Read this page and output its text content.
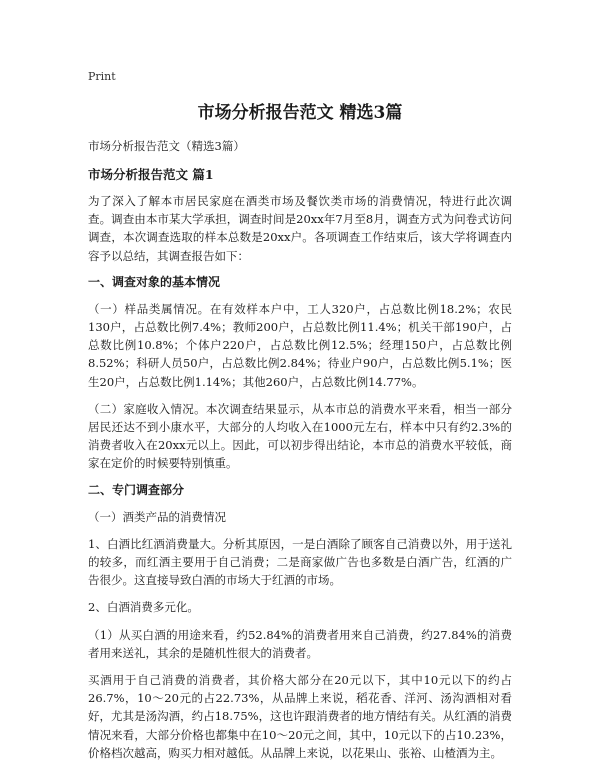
Print
市场分析报告范文 精选3篇
市场分析报告范文（精选3篇）
市场分析报告范文 篇1

为了深入了解本市居民家庭在酒类市场及餐饮类市场的消费情况，特进行此次调查。调查由本市某大学承担，调查时间是20xx年7月至8月，调查方式为问卷式访问调查，本次调查选取的样本总数是20xx户。各项调查工作结束后，该大学将调查内容予以总结，其调查报告如下：

一、调查对象的基本情况

（一）样品类属情况。在有效样本户中，工人320户，占总数比例18.2%；农民130户，占总数比例7.4%；教师200户，占总数比例11.4%；机关干部190户，占总数比例10.8%；个体户220户，占总数比例12.5%；经理150户，占总数比例8.52%；科研人员50户，占总数比例2.84%；待业户90户，占总数比例5.1%；医生20户，占总数比例1.14%；其他260户，占总数比例14.77%。

（二）家庭收入情况。本次调查结果显示，从本市总的消费水平来看，相当一部分居民还达不到小康水平，大部分的人均收入在1000元左右，样本中只有约2.3%的消费者收入在20xx元以上。因此，可以初步得出结论，本市总的消费水平较低，商家在定价的时候要特别慎重。

二、专门调查部分

（一）酒类产品的消费情况

1、白酒比红酒消费量大。分析其原因，一是白酒除了顾客自己消费以外，用于送礼的较多，而红酒主要用于自己消费；二是商家做广告也多数是白酒广告，红酒的广告很少。这直接导致白酒的市场大于红酒的市场。

2、白酒消费多元化。

（1）从买白酒的用途来看，约52.84%的消费者用来自己消费，约27.84%的消费者用来送礼，其余的是随机性很大的消费者。

买酒用于自己消费的消费者，其价格大部分在20元以下，其中10元以下的约占26.7%，10～20元的占22.73%，从品牌上来说，稻花香、洋河、汤沟酒相对看好，尤其是汤沟酒，约占18.75%，这也许跟消费者的地方情结有关。从红酒的消费情况来看，大部分价格也都集中在10～20元之间，其中，10元以下的占10.23%，价格档次越高，购买力相对越低。从品牌上来说，以花果山、张裕、山楂酒为主。
